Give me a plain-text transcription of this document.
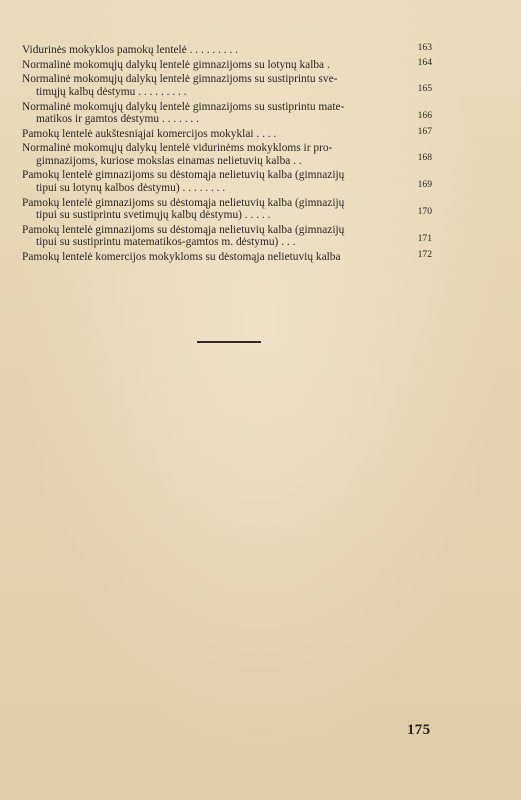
Vidurinės mokyklos pamokų lentelė . . . . . . . . .	163
Normalinė mokomųjų dalykų lentelė gimnazijoms su lotynų kalba .	164
Normalinė mokomųjų dalykų lentelė gimnazijoms su sustiprintu sve-
timųjų kalbų dėstymu . . . . . . . . .	165
Normalinė mokomųjų dalykų lentelė gimnazijoms su sustiprintu mate-
matikos ir gamtos dėstymu . . . . . . .	166
Pamokų lentelė aukštesniąjai komercijos mokyklai . . . .	167
Normalinė mokomųjų dalykų lentelė vidurinėms mokykloms ir pro-
gimnazijoms, kuriose mokslas einamas nelietuvių kalba . .	168
Pamokų lentelė gimnazijoms su dėstomąja nelietuvių kalba (gimnazijų
tipui su lotynų kalbos dėstymu) . . . . . . . .	169
Pamokų lentelė gimnazijoms su dėstomąja nelietuvių kalba (gimnazijų
tipui su sustiprintu svetimųjų kalbų dėstymu) . . . . .	170
Pamokų lentelė gimnazijoms su dėstomąja nelietuvių kalba (gimnazijų
tipui su sustiprintu matematikos-gamtos m. dėstymu) . . .	171
Pamokų lentelė komercijos mokykloms su dėstomąja nelietuvių kalba	172
175
